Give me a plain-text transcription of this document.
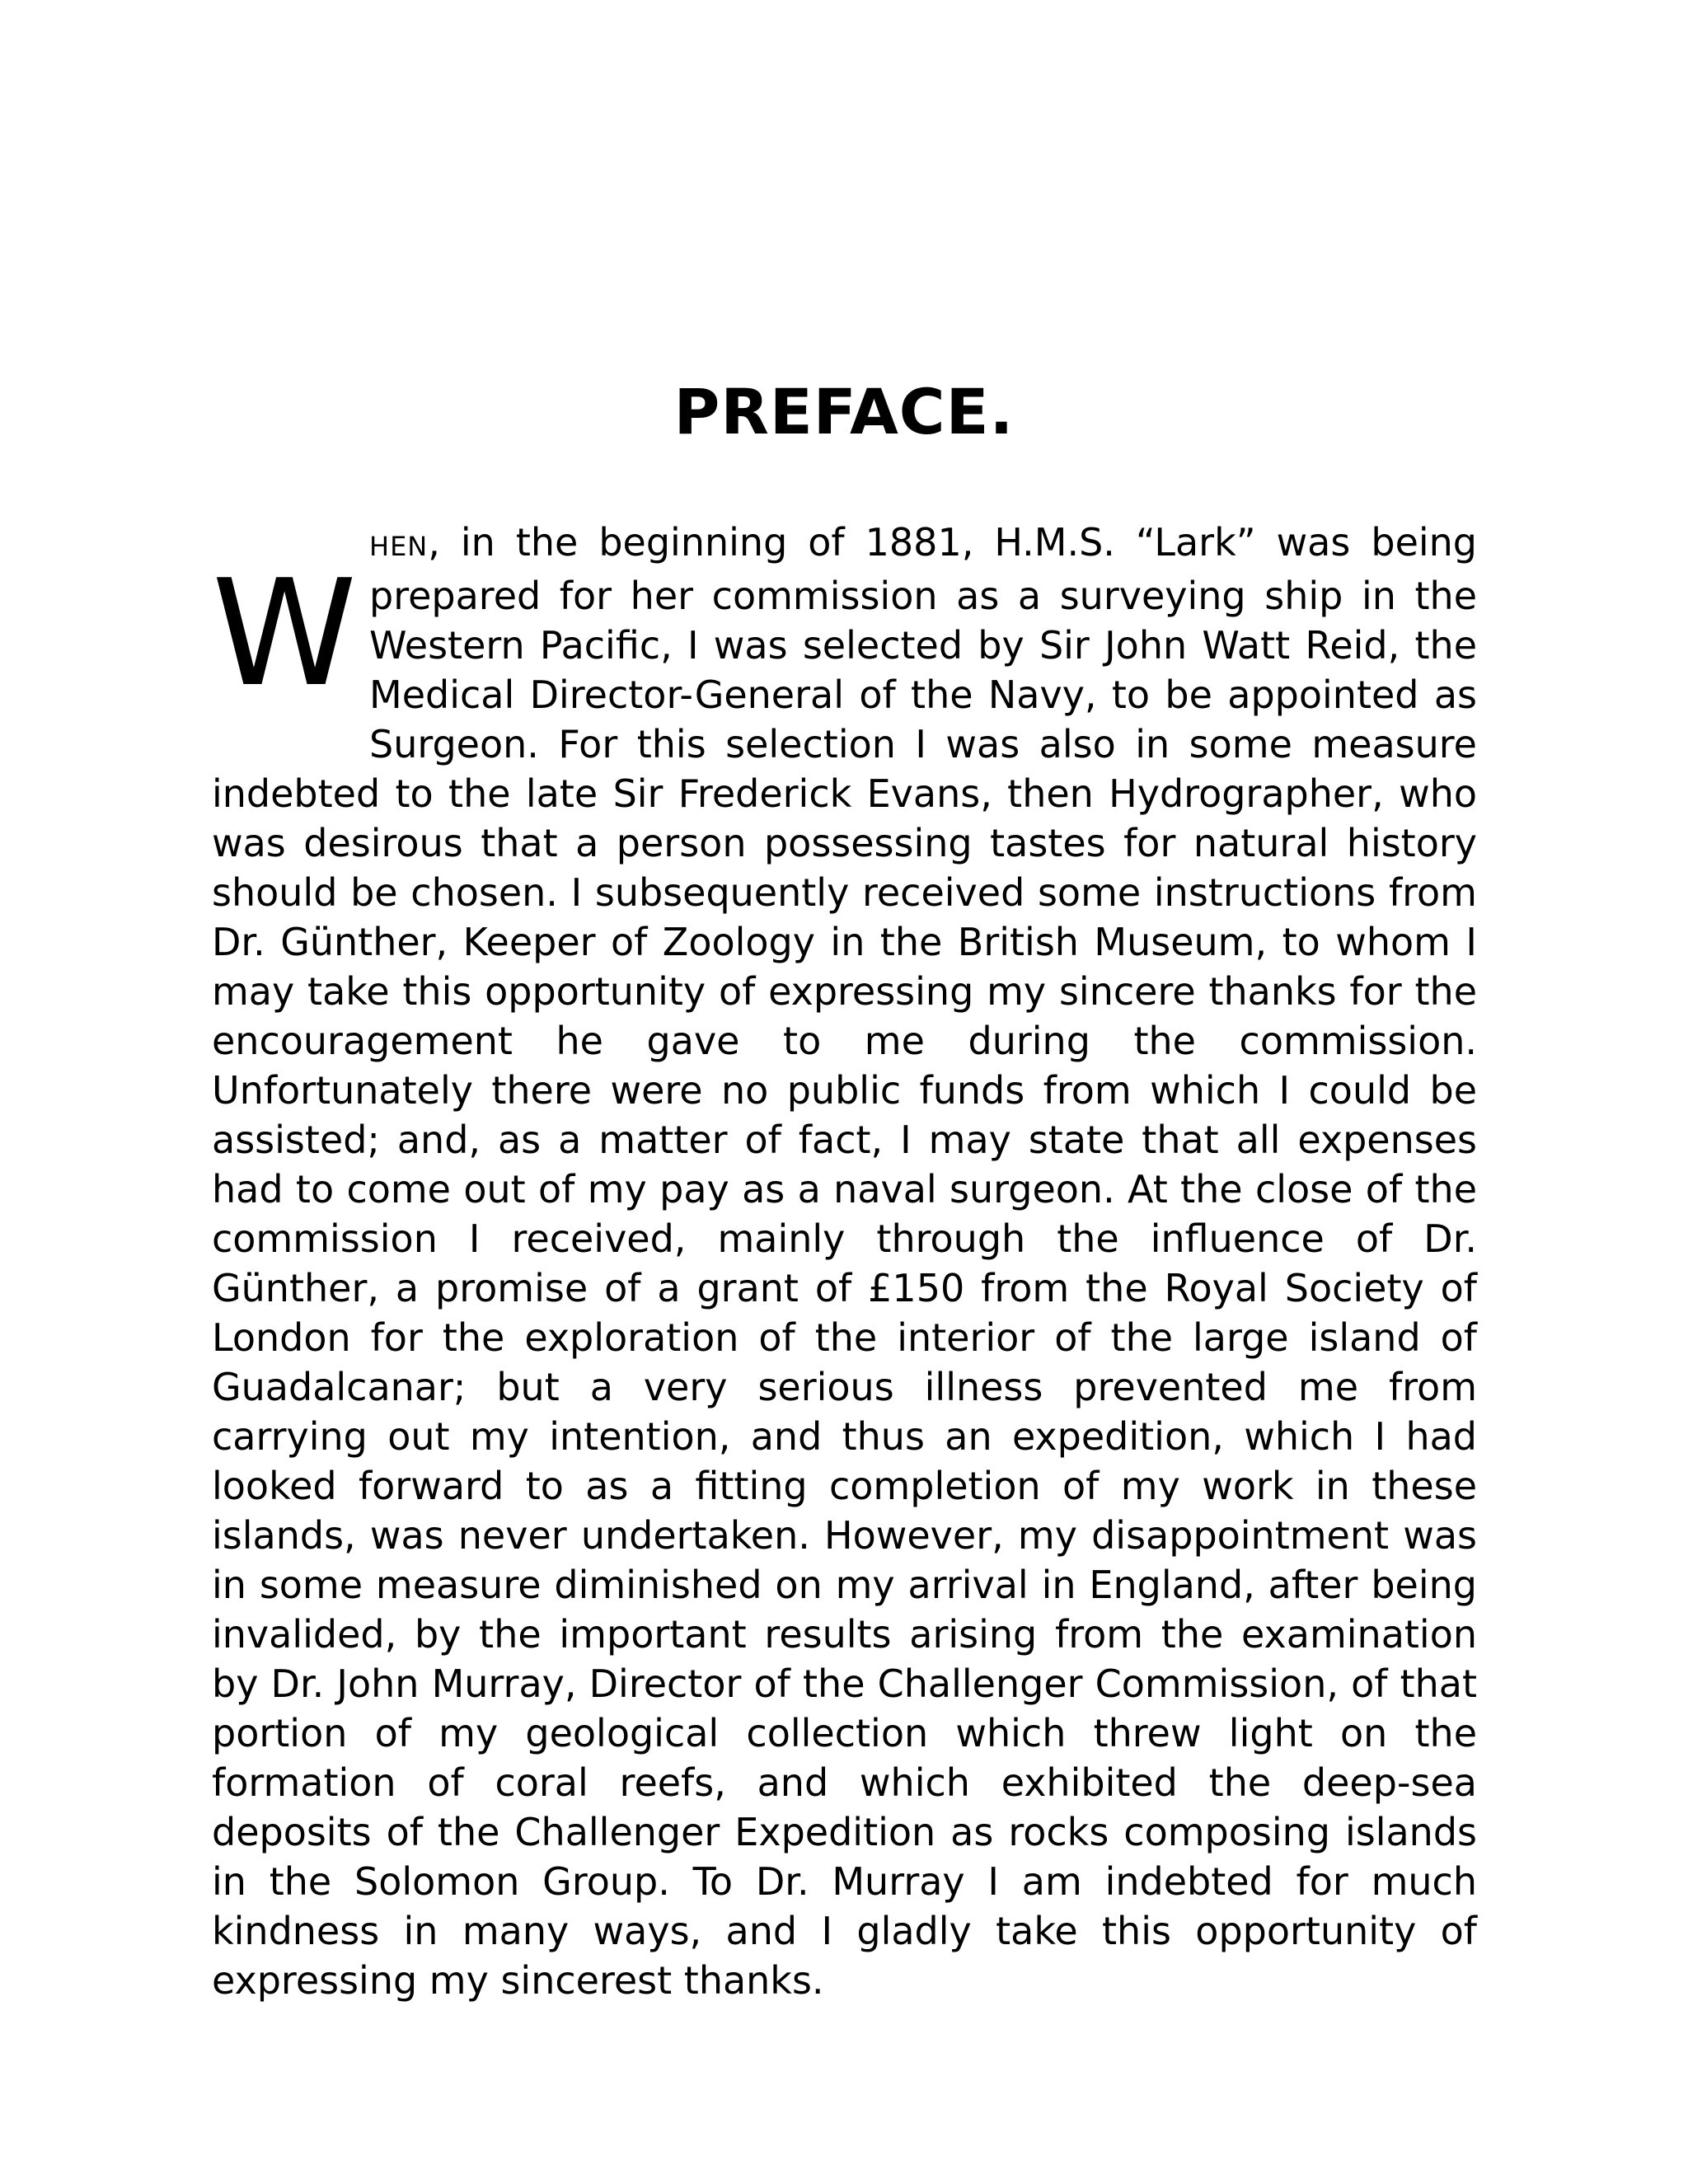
PREFACE.

W
HEN, in the beginning of 1881, H.M.S. “Lark” was being prepared for her commission as a surveying ship in the Western Pacific, I was selected by Sir John Watt Reid, the Medical Director-General of the Navy, to be appointed as Surgeon. For this selection I was also in some measure indebted to the late Sir Frederick Evans, then Hydrographer, who was desirous that a person possessing tastes for natural history should be chosen. I subsequently received some instructions from Dr. Günther, Keeper of Zoology in the British Museum, to whom I may take this opportunity of expressing my sincere thanks for the encouragement he gave to me during the commission. Unfortunately there were no public funds from which I could be assisted; and, as a matter of fact, I may state that all expenses had to come out of my pay as a naval surgeon. At the close of the commission I received, mainly through the influence of Dr. Günther, a promise of a grant of £150 from the Royal Society of London for the exploration of the interior of the large island of Guadalcanar; but a very serious illness prevented me from carrying out my intention, and thus an expedition, which I had looked forward to as a fitting completion of my work in these islands, was never undertaken. However, my disappointment was in some measure diminished on my arrival in England, after being invalided, by the important results arising from the examination by Dr. John Murray, Director of the Challenger Commission, of that portion of my geological collection which threw light on the formation of coral reefs, and which exhibited the deep-sea deposits of the Challenger Expedition as rocks composing islands in the Solomon Group. To Dr. Murray I am indebted for much kindness in many ways, and I gladly take this opportunity of expressing my sincerest thanks.
